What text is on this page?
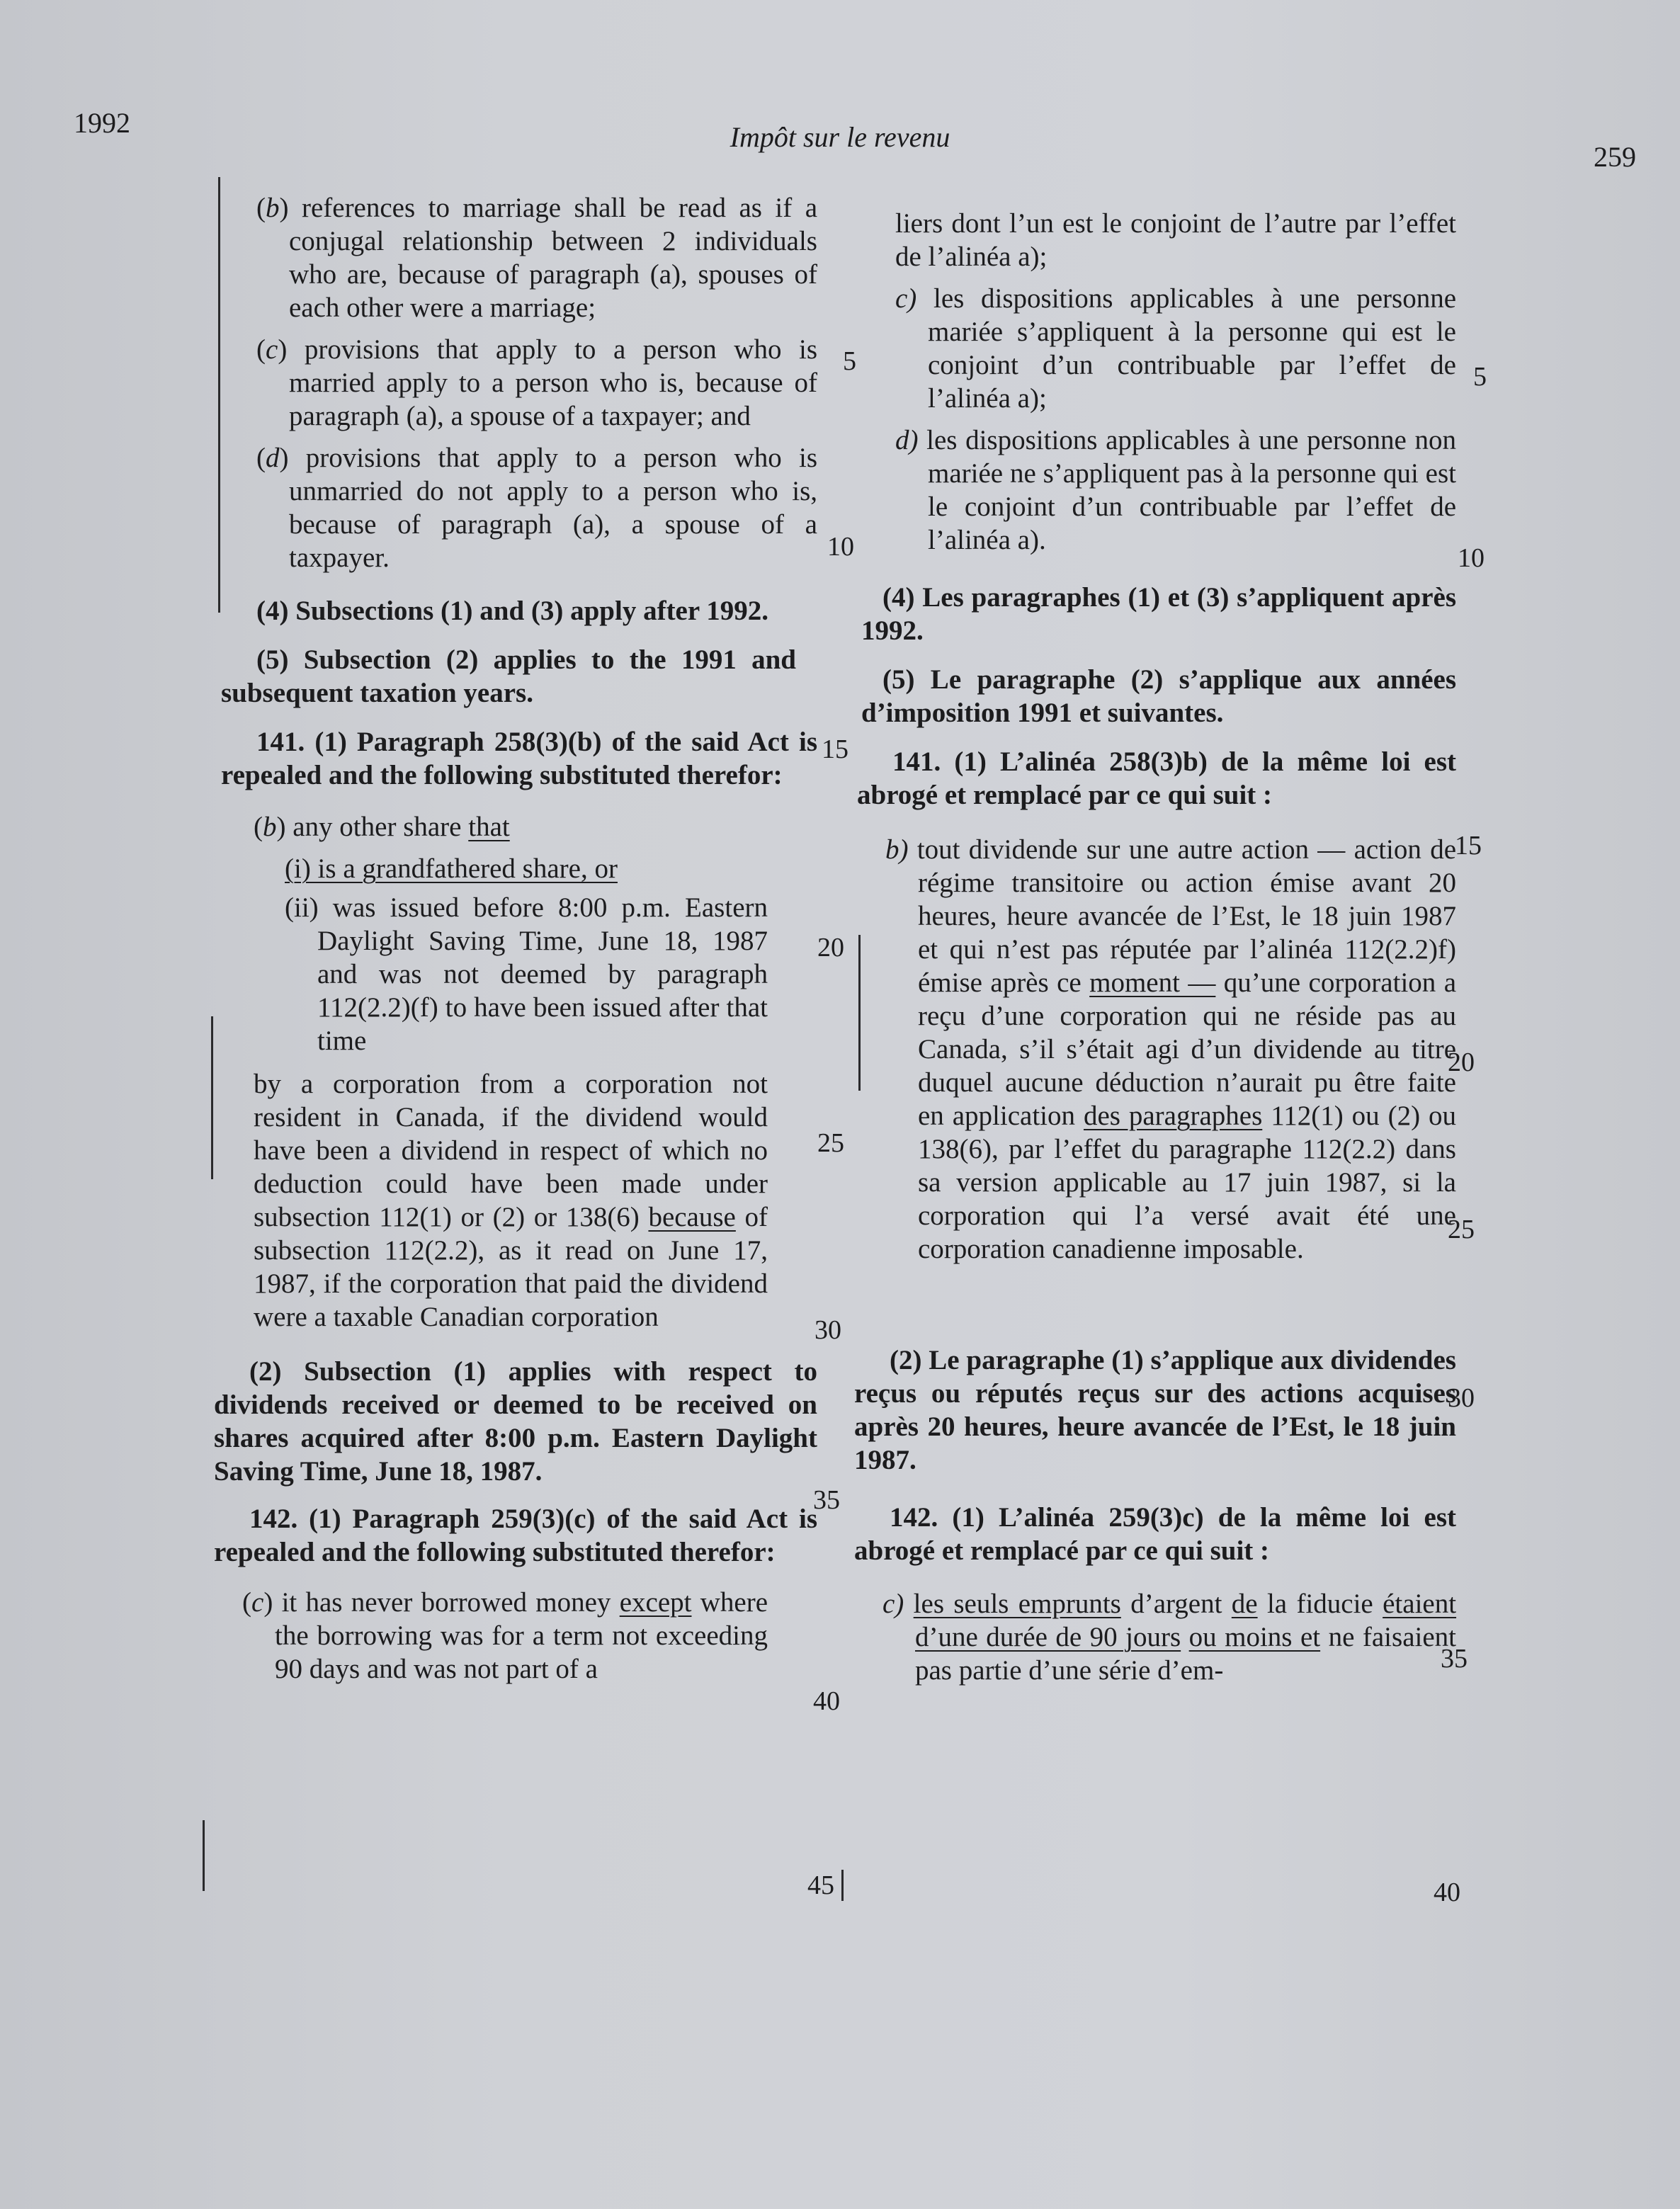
1992	Impôt sur le revenu
259

(b) references to marriage shall be read as if a conjugal relationship between 2 individuals who are, because of paragraph (a), spouses of each other were a marriage;

(c) provisions that apply to a person who is married apply to a person who is, because of paragraph (a), a spouse of a taxpayer; and

(d) provisions that apply to a person who is unmarried do not apply to a person who is, because of paragraph (a), a spouse of a taxpayer.

(4) Subsections (1) and (3) apply after 1992.

(5) Subsection (2) applies to the 1991 and subsequent taxation years.

141. (1) Paragraph 258(3)(b) of the said Act is repealed and the following substituted therefor:

(b) any other share that

(i) is a grandfathered share, or

(ii) was issued before 8:00 p.m. Eastern Daylight Saving Time, June 18, 1987 and was not deemed by paragraph 112(2.2)(f) to have been issued after that time

by a corporation from a corporation not resident in Canada, if the dividend would have been a dividend in respect of which no deduction could have been made under subsection 112(1) or (2) or 138(6) because of subsection 112(2.2), as it read on June 17, 1987, if the corporation that paid the dividend were a taxable Canadian corporation

(2) Subsection (1) applies with respect to dividends received or deemed to be received on shares acquired after 8:00 p.m. Eastern Daylight Saving Time, June 18, 1987.

142. (1) Paragraph 259(3)(c) of the said Act is repealed and the following substituted therefor:

(c) it has never borrowed money except where the borrowing was for a term not exceeding 90 days and was not part of a

5
10
15
20
25
30
35
40
45

liers dont l’un est le conjoint de l’autre par l’effet de l’alinéa a);

c) les dispositions applicables à une personne mariée s’appliquent à la personne qui est le conjoint d’un contribuable par l’effet de l’alinéa a);

d) les dispositions applicables à une personne non mariée ne s’appliquent pas à la personne qui est le conjoint d’un contribuable par l’effet de l’alinéa a).

(4) Les paragraphes (1) et (3) s’appliquent après 1992.

(5) Le paragraphe (2) s’applique aux années d’imposition 1991 et suivantes.

141. (1) L’alinéa 258(3)b) de la même loi est abrogé et remplacé par ce qui suit :

b) tout dividende sur une autre action — action de régime transitoire ou action émise avant 20 heures, heure avancée de l’Est, le 18 juin 1987 et qui n’est pas réputée par l’alinéa 112(2.2)f) émise après ce moment — qu’une corporation a reçu d’une corporation qui ne réside pas au Canada, s’il s’était agi d’un dividende au titre duquel aucune déduction n’aurait pu être faite en application des paragraphes 112(1) ou (2) ou 138(6), par l’effet du paragraphe 112(2.2) dans sa version applicable au 17 juin 1987, si la corporation qui l’a versé avait été une corporation canadienne imposable.

(2) Le paragraphe (1) s’applique aux dividendes reçus ou réputés reçus sur des actions acquises après 20 heures, heure avancée de l’Est, le 18 juin 1987.

142. (1) L’alinéa 259(3)c) de la même loi est abrogé et remplacé par ce qui suit :

c) les seuls emprunts d’argent de la fiducie étaient d’une durée de 90 jours ou moins et ne faisaient pas partie d’une série d’em-

5
10
15
20
25
30
35
40
